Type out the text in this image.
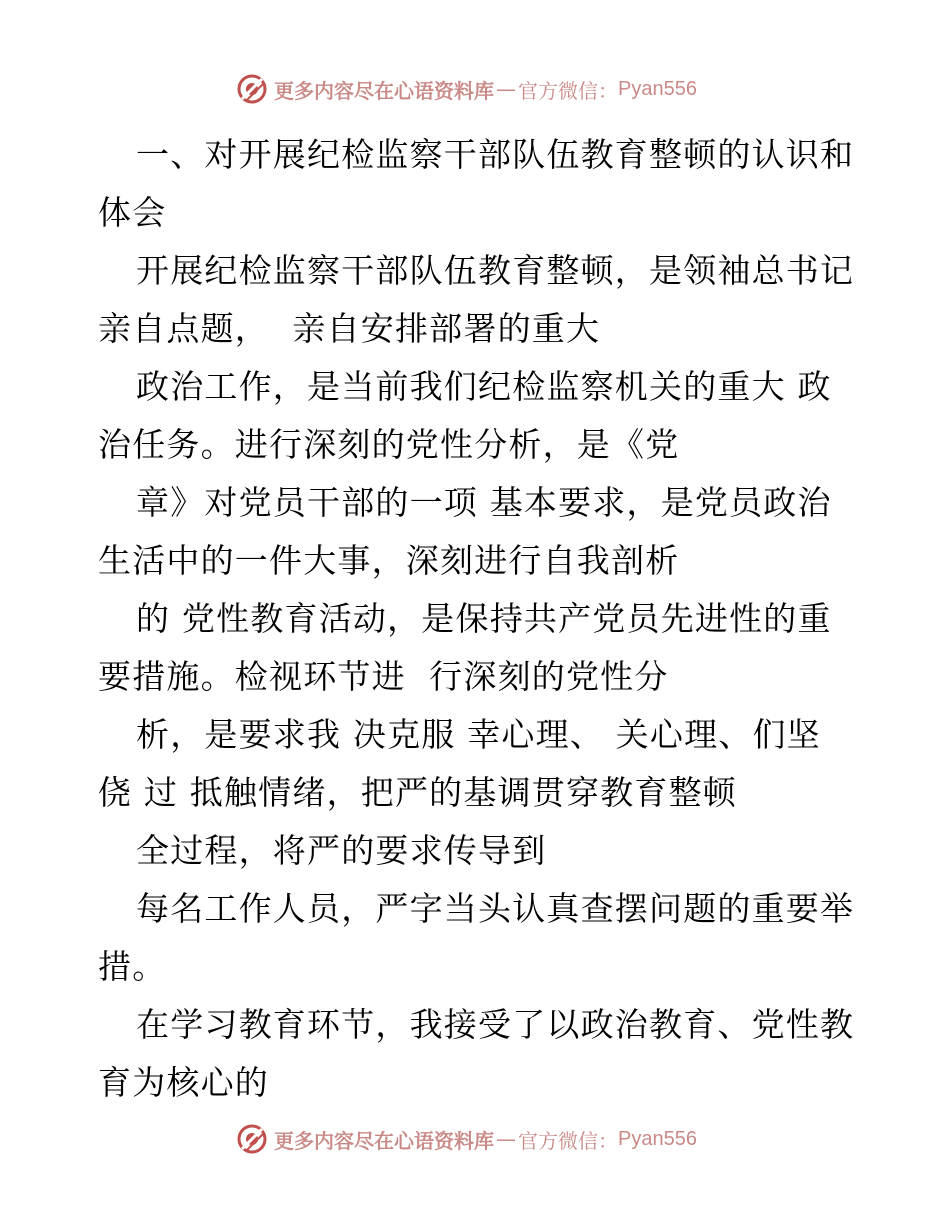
更多内容尽在心语资料库 — 官方微信： Pyan556
一、对开展纪检监察干部队伍教育整顿的认识和
体会
开展纪检监察干部队伍教育整顿，是领袖总书记
亲自点题，  亲自安排部署的重大
政治工作，是当前我们纪检监察机关的重大 政
治任务。进行深刻的党性分析，是《党
章》对党员干部的一项 基本要求，是党员政治
生活中的一件大事，深刻进行自我剖析
的 党性教育活动，是保持共产党员先进性的重
要措施。检视环节进  行深刻的党性分
析，是要求我 决克服 幸心理、 关心理、们坚
侥 过 抵触情绪，把严的基调贯穿教育整顿
全过程，将严的要求传导到
每名工作人员，严字当头认真查摆问题的重要举
措。
在学习教育环节，我接受了以政治教育、党性教
育为核心的
更多内容尽在心语资料库 — 官方微信： Pyan556
